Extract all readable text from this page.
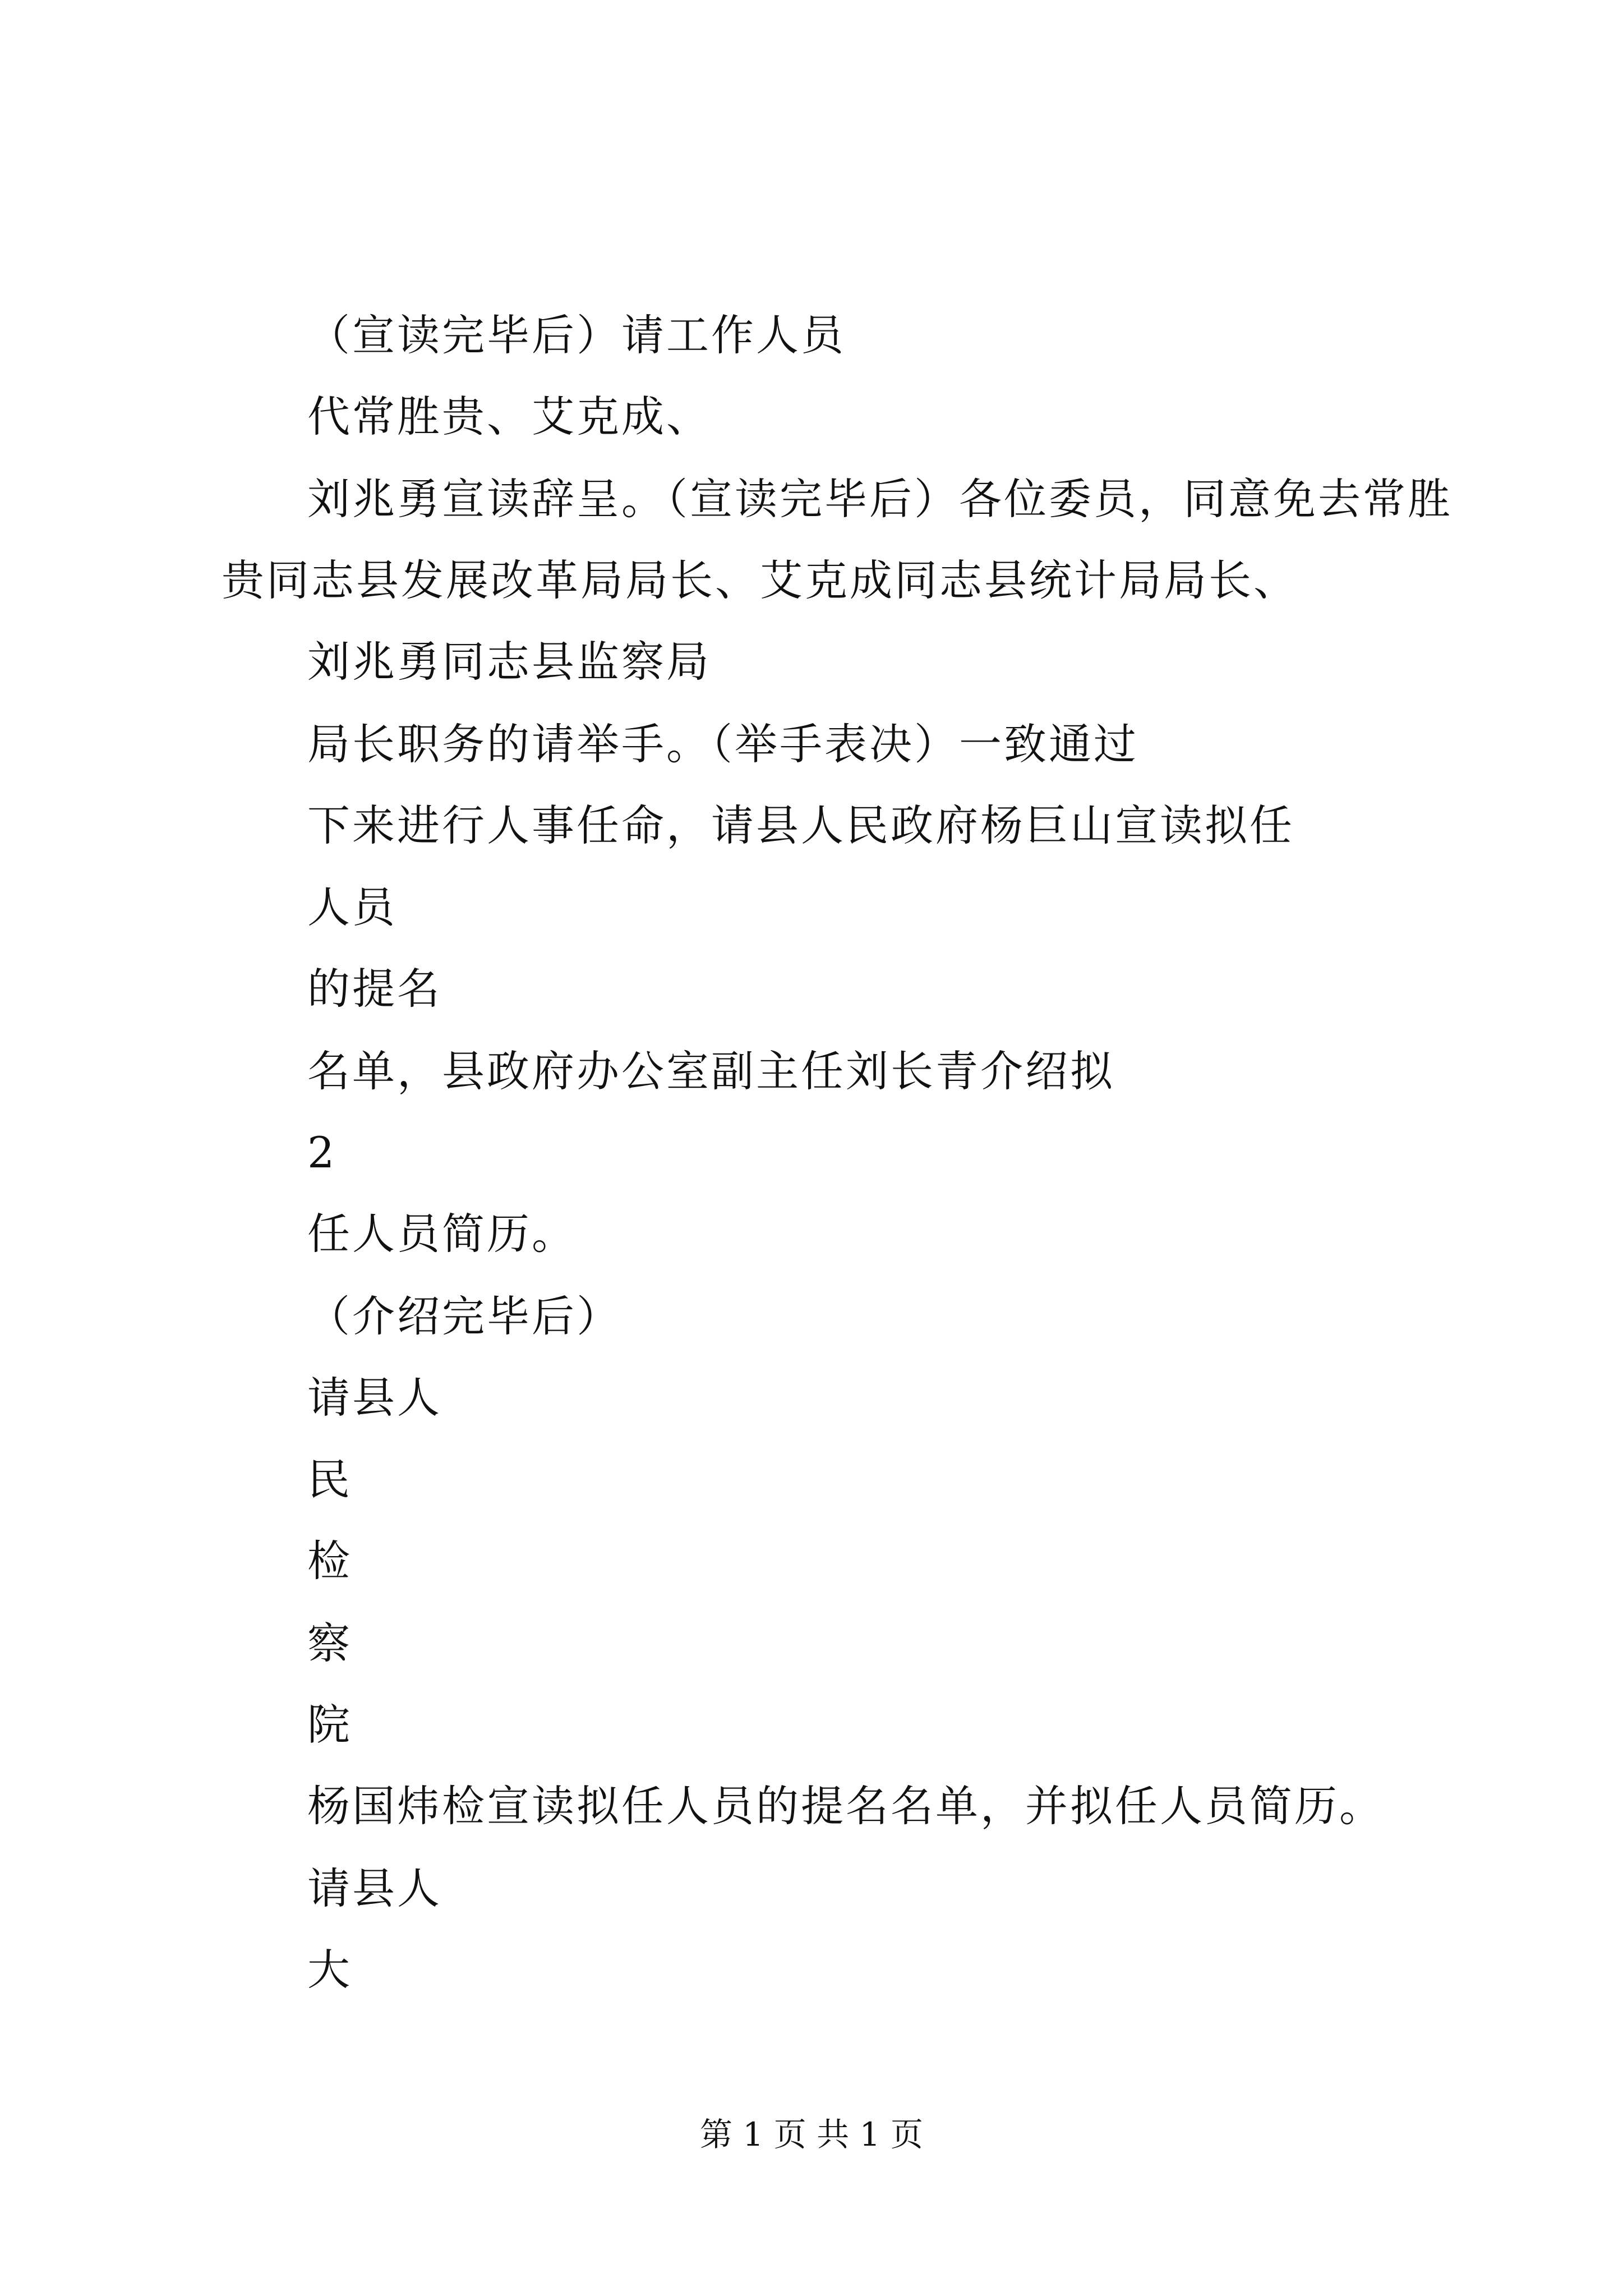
（宣读完毕后）请工作人员
代常胜贵、艾克成、
刘兆勇宣读辞呈。（宣读完毕后）各位委员，同意免去常胜
贵同志县发展改革局局长、艾克成同志县统计局局长、
刘兆勇同志县监察局
局长职务的请举手。（举手表决）一致通过
下来进行人事任命，请县人民政府杨巨山宣读拟任
人员
的提名
名单，县政府办公室副主任刘长青介绍拟
2
任人员简历。
（介绍完毕后）
请县人
民
检
察
院
杨国炜检宣读拟任人员的提名名单，并拟任人员简历。
请县人
大
第 1 页 共 1 页
